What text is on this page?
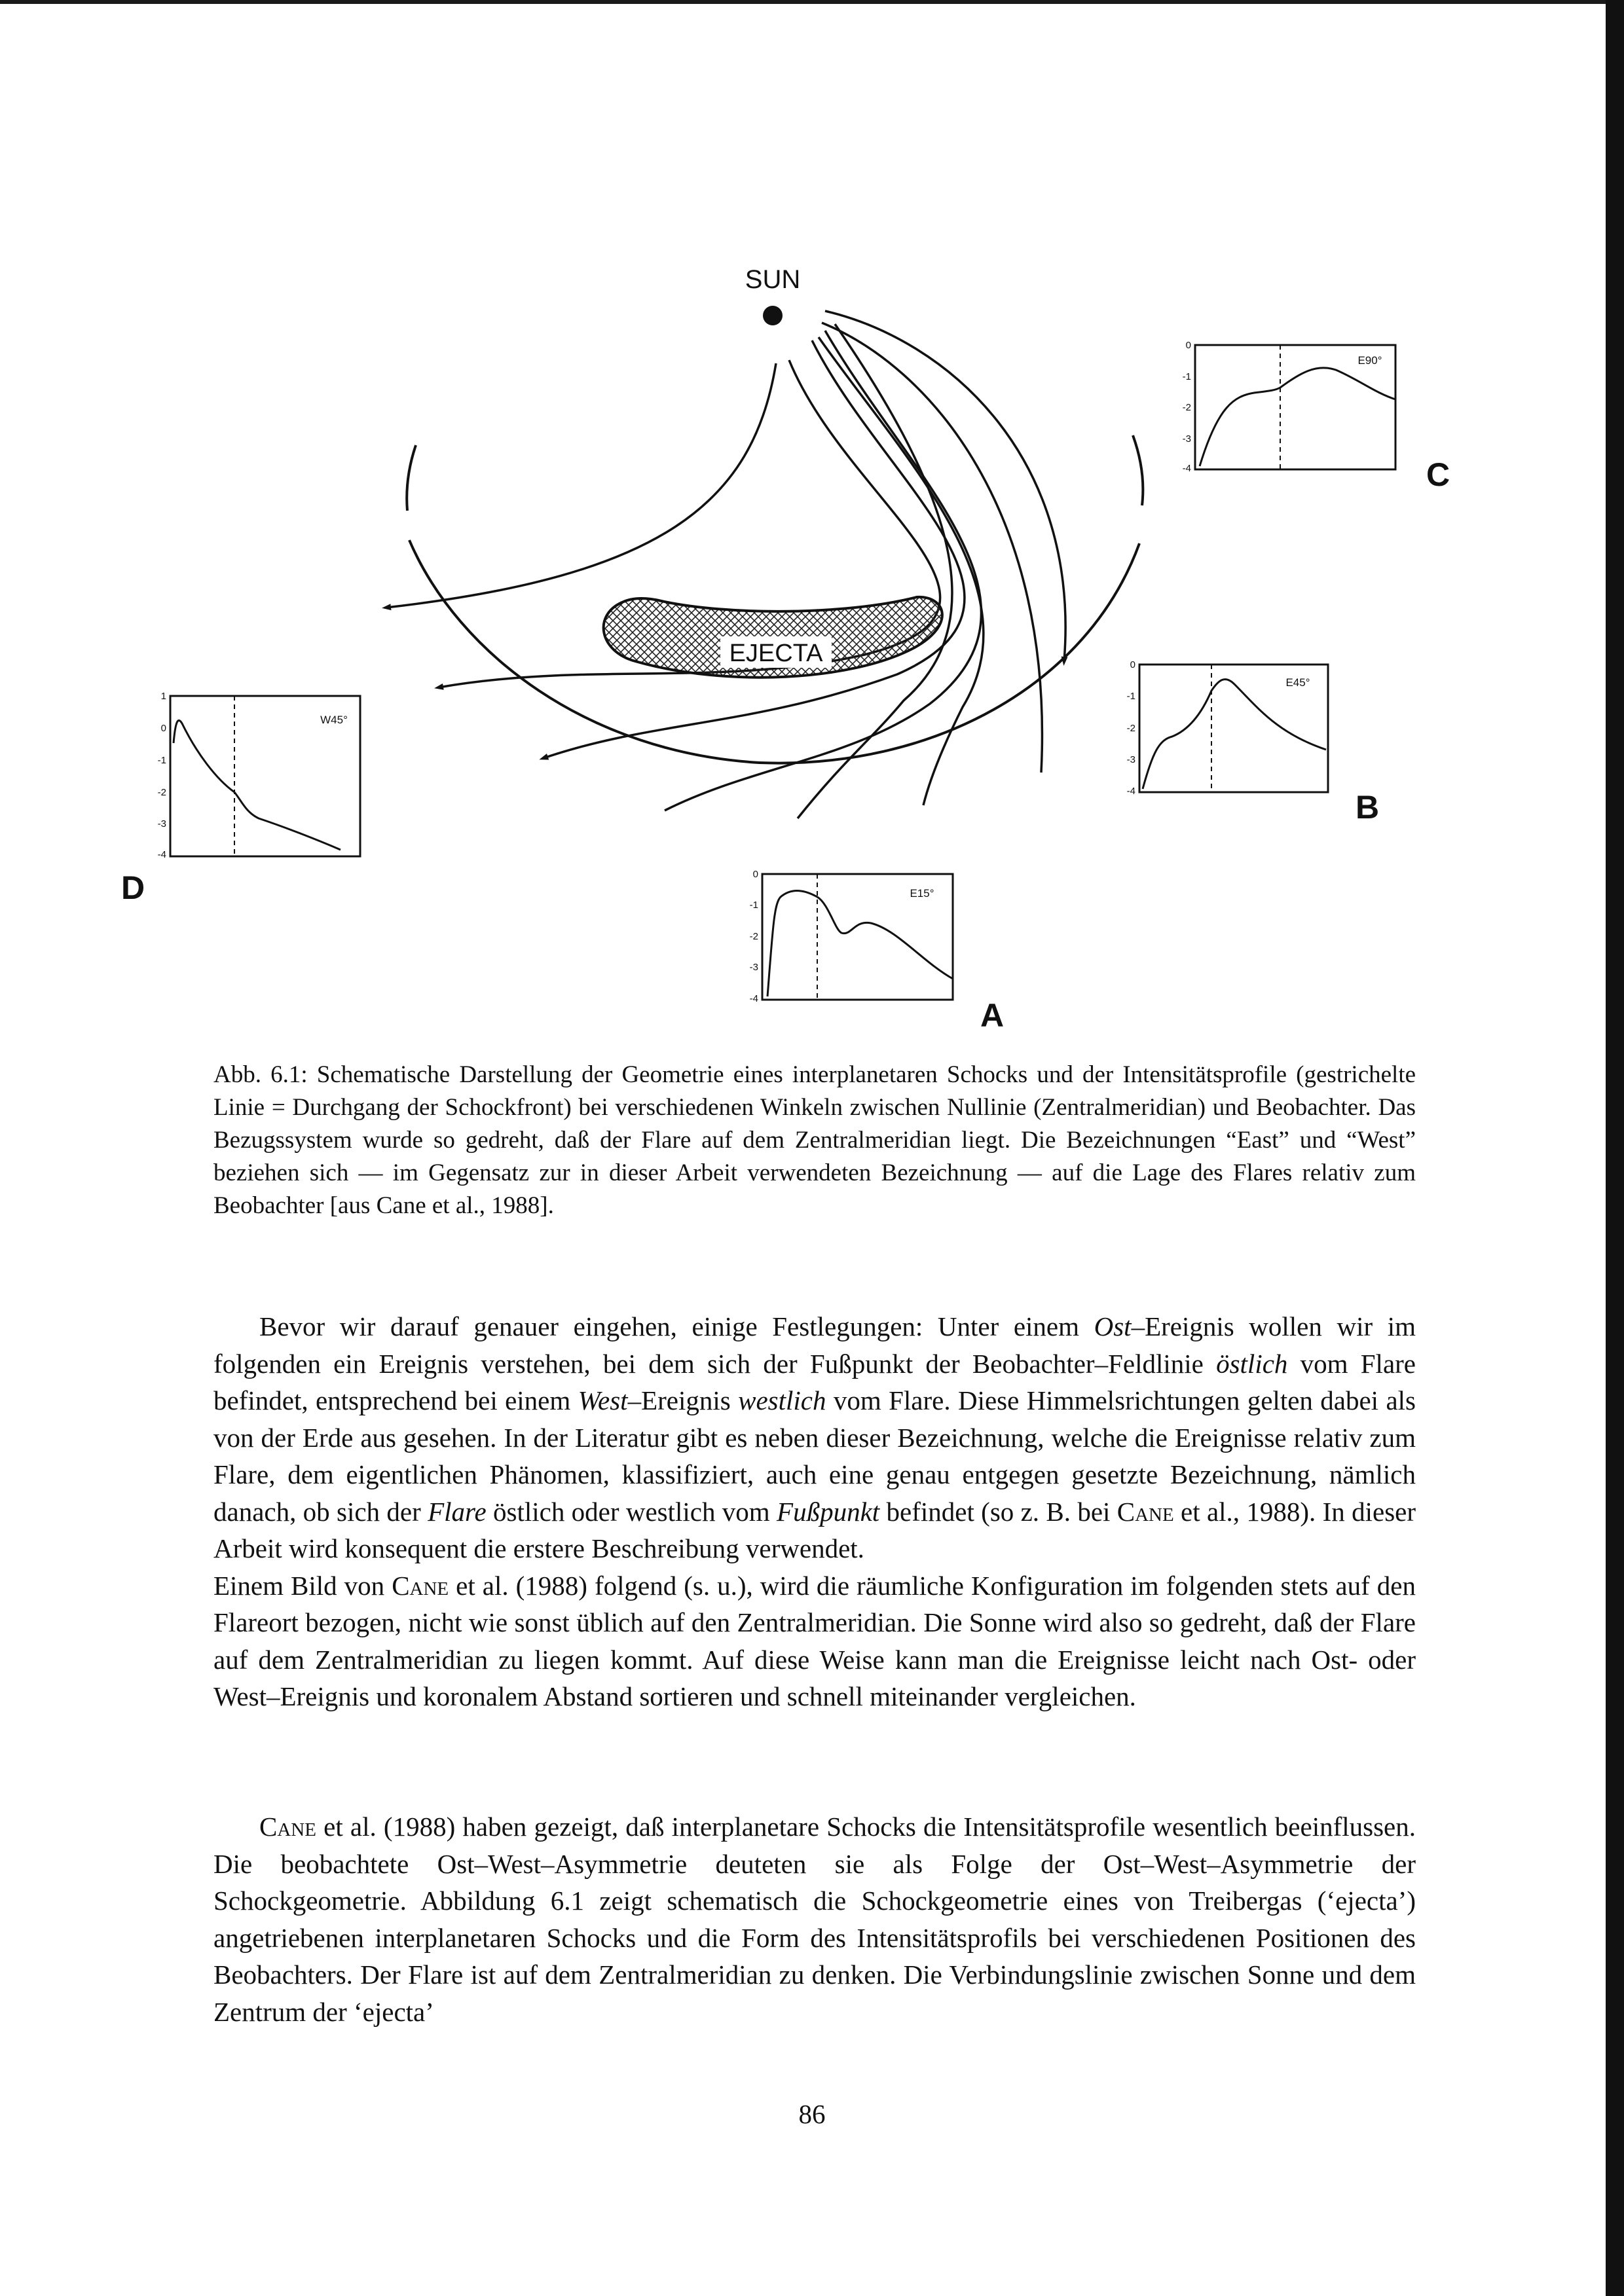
SUN
EJECTA
0
-1
-2
-3
-4
E90°
C
0
-1
-2
-3
-4
E45°
B
0
-1
-2
-3
-4
E15°
A
1
0
-1
-2
-3
-4
W45°
D
Abb. 6.1: Schematische Darstellung der Geometrie eines interplanetaren Schocks und der Intensitätsprofile (gestrichelte Linie = Durchgang der Schockfront) bei verschiedenen Winkeln zwischen Nullinie (Zentralmeridian) und Beobachter. Das Bezugssystem wurde so gedreht, daß der Flare auf dem Zentralmeridian liegt. Die Bezeichnungen “East” und “West” beziehen sich — im Gegensatz zur in dieser Arbeit verwendeten Bezeichnung — auf die Lage des Flares relativ zum Beobachter [aus Cane et al., 1988].

Bevor wir darauf genauer eingehen, einige Festlegungen: Unter einem Ost–Ereignis wollen wir im folgenden ein Ereignis verstehen, bei dem sich der Fußpunkt der Beobachter–Feldlinie östlich vom Flare befindet, entsprechend bei einem West–Ereignis westlich vom Flare. Diese Himmelsrichtungen gelten dabei als von der Erde aus gesehen. In der Literatur gibt es neben dieser Bezeichnung, welche die Ereignisse relativ zum Flare, dem eigentlichen Phänomen, klassifiziert, auch eine genau entgegen gesetzte Bezeichnung, nämlich danach, ob sich der Flare östlich oder westlich vom Fußpunkt befindet (so z. B. bei Cane et al., 1988). In dieser Arbeit wird konsequent die erstere Beschreibung verwendet.

Einem Bild von Cane et al. (1988) folgend (s. u.), wird die räumliche Konfiguration im folgenden stets auf den Flareort bezogen, nicht wie sonst üblich auf den Zentralmeridian. Die Sonne wird also so gedreht, daß der Flare auf dem Zentralmeridian zu liegen kommt. Auf diese Weise kann man die Ereignisse leicht nach Ost- oder West–Ereignis und koronalem Abstand sortieren und schnell miteinander vergleichen.

Cane et al. (1988) haben gezeigt, daß interplanetare Schocks die Intensitätsprofile wesentlich beeinflussen. Die beobachtete Ost–West–Asymmetrie deuteten sie als Folge der Ost–West–Asymmetrie der Schockgeometrie. Abbildung 6.1 zeigt schematisch die Schockgeometrie eines von Treibergas (‘ejecta’) angetriebenen interplanetaren Schocks und die Form des Intensitätsprofils bei verschiedenen Positionen des Beobachters. Der Flare ist auf dem Zentralmeridian zu denken. Die Verbindungslinie zwischen Sonne und dem Zentrum der ‘ejecta’

86
